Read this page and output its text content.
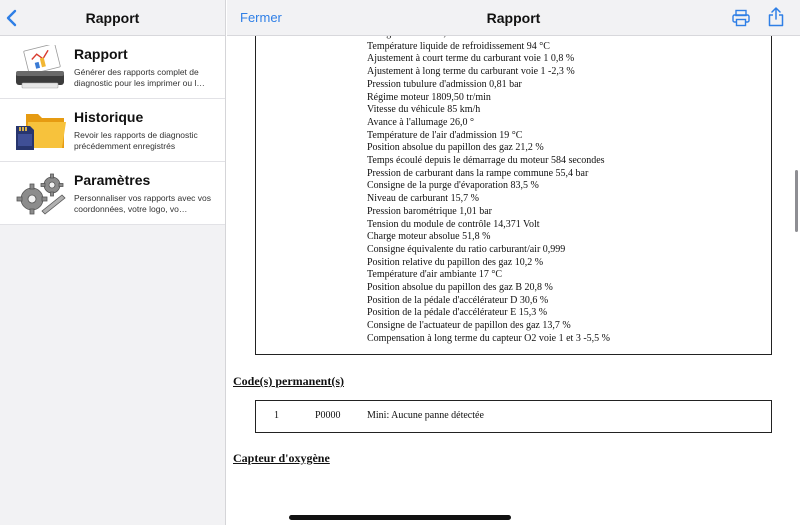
Rapport
Rapport
Générer des rapports complet de diagnostic pour les imprimer ou l…
Historique
Revoir les rapports de diagnostic précédemment enregistrés
Paramètres
Personnaliser vos rapports avec vos coordonnées, votre logo, vo…
Fermer	Rapport
Température liquide de refroidissement 94 °C
Ajustement à court terme du carburant voie 1 0,8 %
Ajustement à long terme du carburant voie 1 -2,3 %
Pression tubulure d'admission 0,81 bar
Régime moteur 1809,50 tr/min
Vitesse du véhicule 85 km/h
Avance à l'allumage 26,0 °
Température de l'air d'admission 19 °C
Position absolue du papillon des gaz 21,2 %
Temps écoulé depuis le démarrage du moteur 584 secondes
Pression de carburant dans la rampe commune 55,4 bar
Consigne de la purge d'évaporation 83,5 %
Niveau de carburant 15,7 %
Pression barométrique 1,01 bar
Tension du module de contrôle 14,371 Volt
Charge moteur absolue 51,8 %
Consigne équivalente du ratio carburant/air 0,999
Position relative du papillon des gaz 10,2 %
Température d'air ambiante 17 °C
Position absolue du papillon des gaz B 20,8 %
Position de la pédale d'accélérateur D 30,6 %
Position de la pédale d'accélérateur E 15,3 %
Consigne de l'actuateur de papillon des gaz 13,7 %
Compensation à long terme du capteur O2 voie 1 et 3 -5,5 %
Code(s) permanent(s)
1	P0000	Mini: Aucune panne détectée
Capteur d'oxygène
